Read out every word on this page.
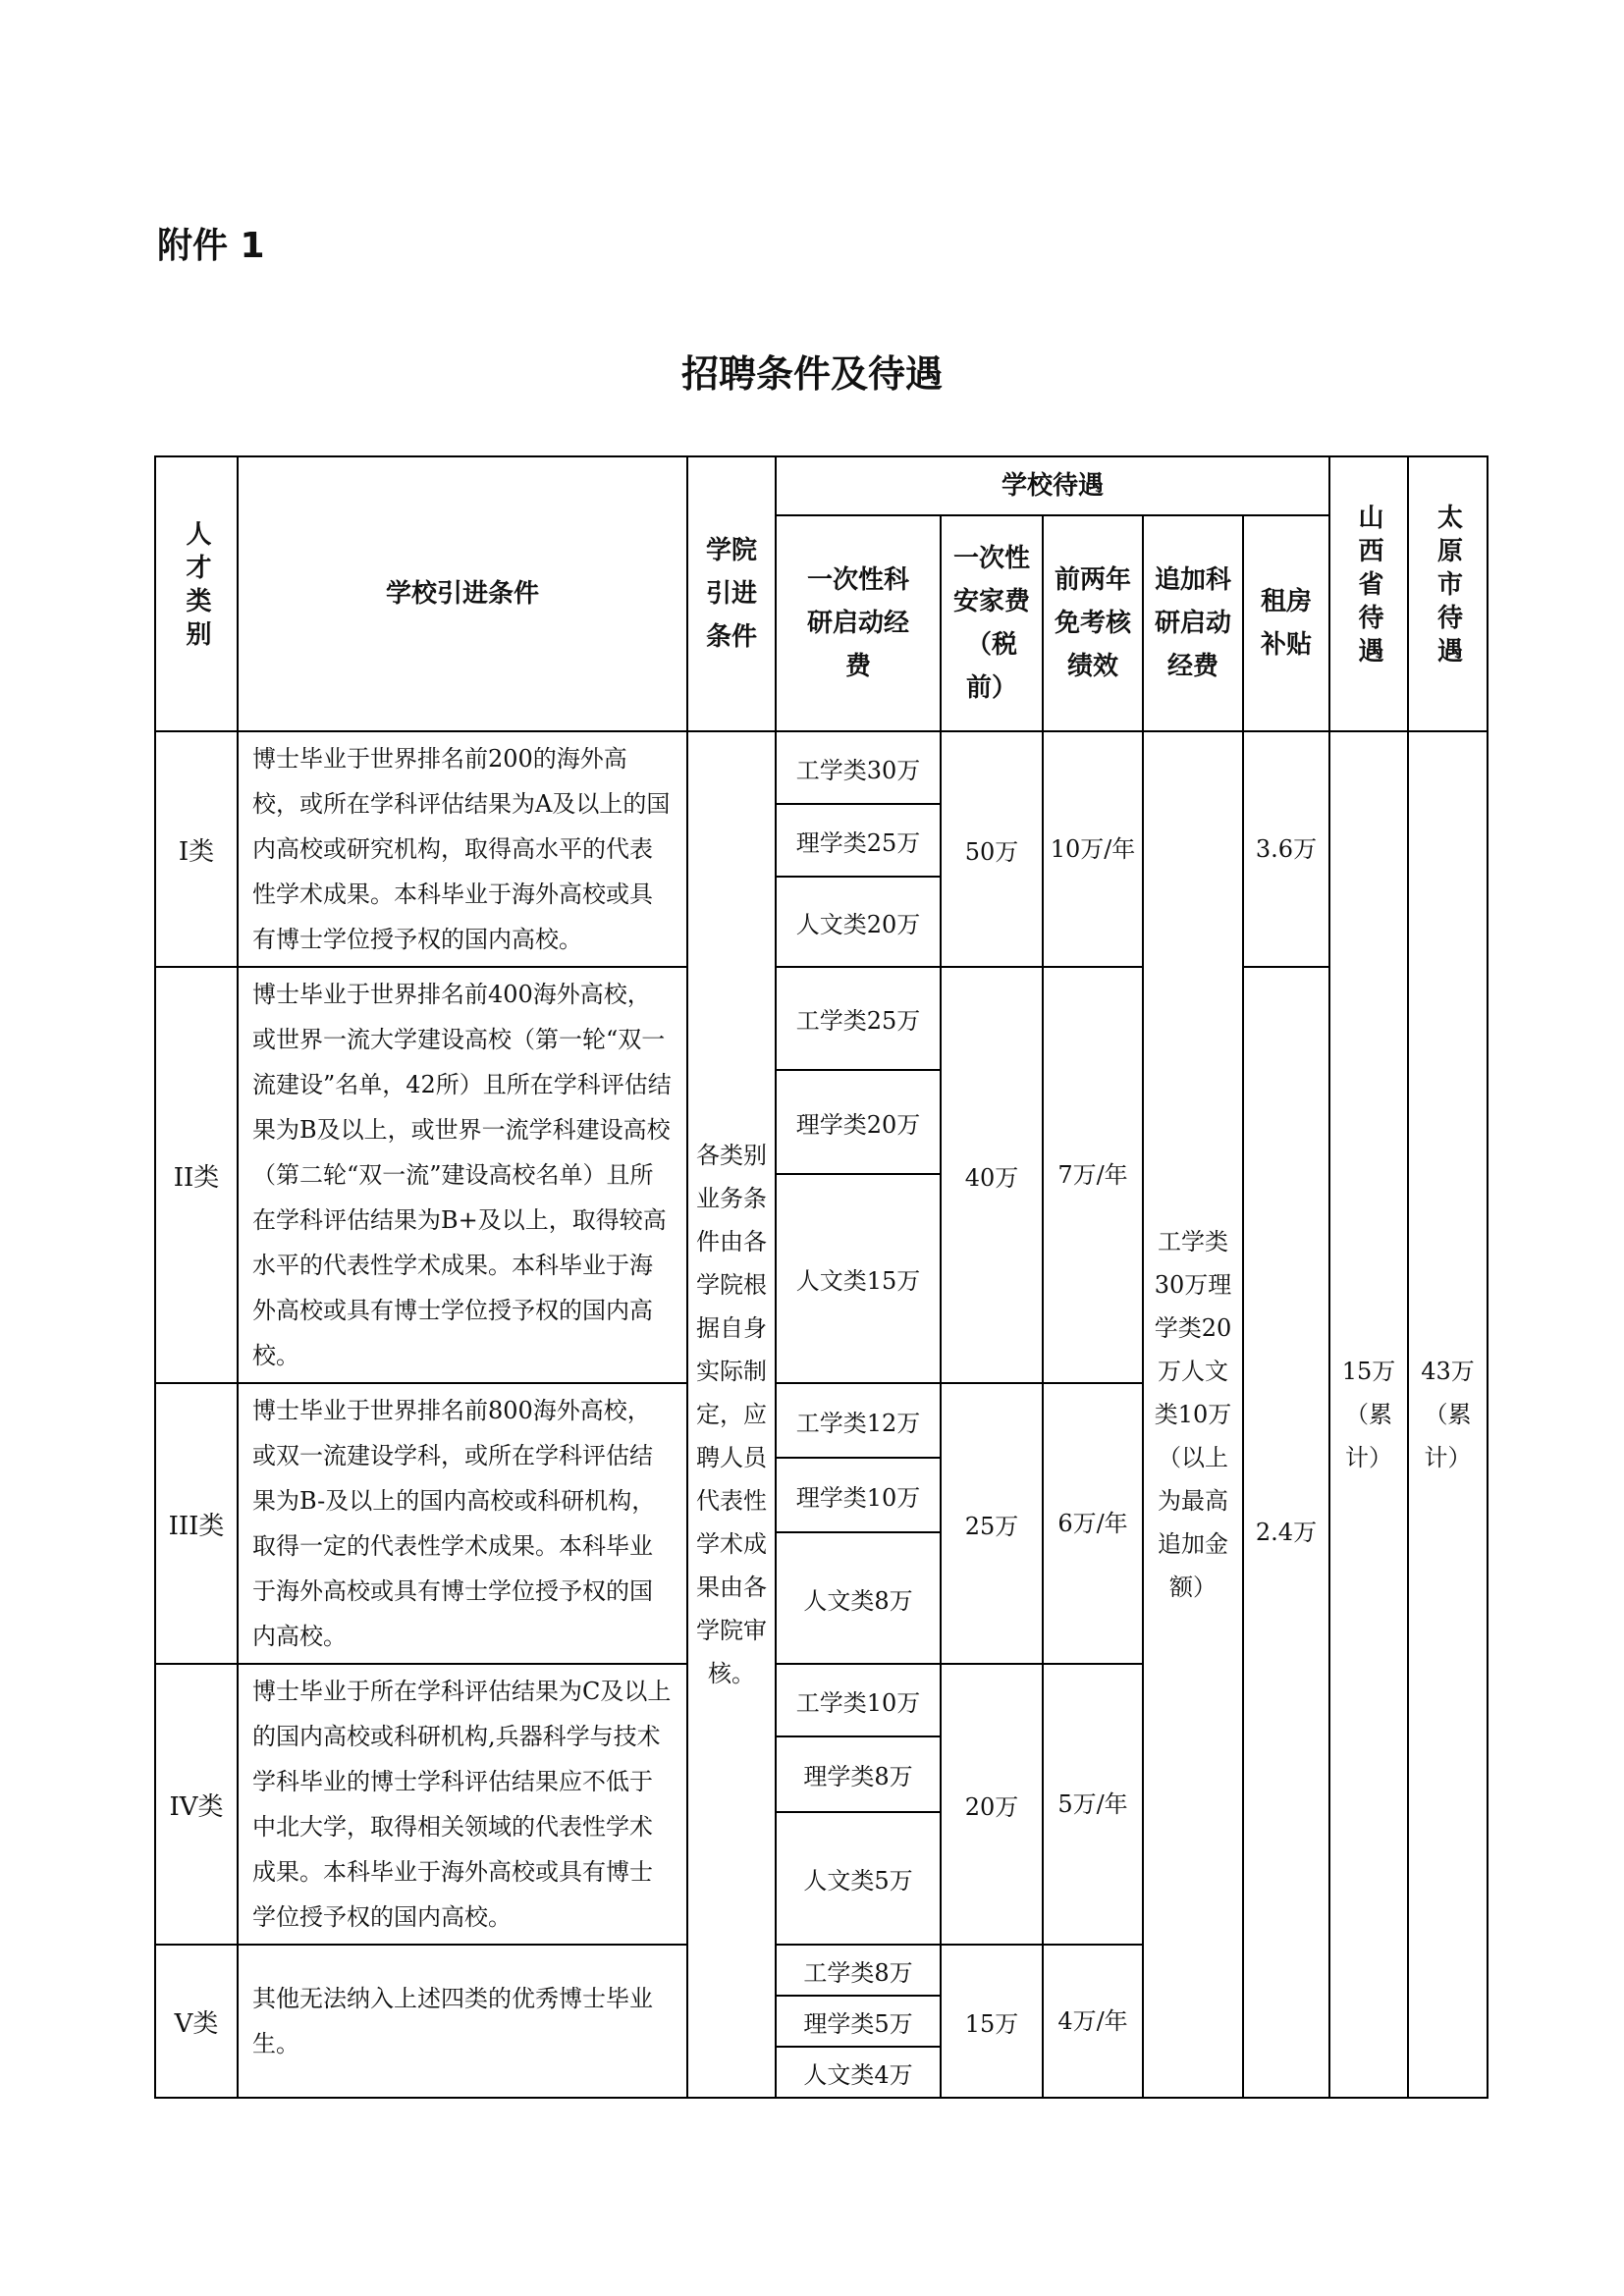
附件 1
招聘条件及待遇
人才类别	学校引进条件	学院引进条件	学校待遇					山西省待遇	太原市待遇
			一次性科研启动经费	一次性安家费（税前）	前两年免考核绩效	追加科研启动经费	租房补贴		
I类	博士毕业于世界排名前200的海外高校，或所在学科评估结果为A及以上的国内高校或研究机构，取得高水平的代表性学术成果。本科毕业于海外高校或具有博士学位授予权的国内高校。	各类别业务条件由各学院根据自身实际制定，应聘人员代表性学术成果由各学院审核。	工学类30万	50万	10万/年	工学类30万理学类20万人文类10万（以上为最高追加金额）	3.6万	15万（累计）	43万（累计）
			理学类25万						
			人文类20万						
II类	博士毕业于世界排名前400海外高校，或世界一流大学建设高校（第一轮“双一流建设”名单，42所）且所在学科评估结果为B及以上，或世界一流学科建设高校（第二轮“双一流”建设高校名单）且所在学科评估结果为B+及以上，取得较高水平的代表性学术成果。本科毕业于海外高校或具有博士学位授予权的国内高校。		工学类25万	40万	7万/年		2.4万		
			理学类20万						
			人文类15万						
III类	博士毕业于世界排名前800海外高校，或双一流建设学科，或所在学科评估结果为B-及以上的国内高校或科研机构，取得一定的代表性学术成果。本科毕业于海外高校或具有博士学位授予权的国内高校。		工学类12万	25万	6万/年				
			理学类10万						
			人文类8万						
IV类	博士毕业于所在学科评估结果为C及以上的国内高校或科研机构,兵器科学与技术学科毕业的博士学科评估结果应不低于中北大学，取得相关领域的代表性学术成果。本科毕业于海外高校或具有博士学位授予权的国内高校。		工学类10万	20万	5万/年				
			理学类8万						
			人文类5万						
V类	其他无法纳入上述四类的优秀博士毕业生。		工学类8万	15万	4万/年				
			理学类5万						
			人文类4万						
